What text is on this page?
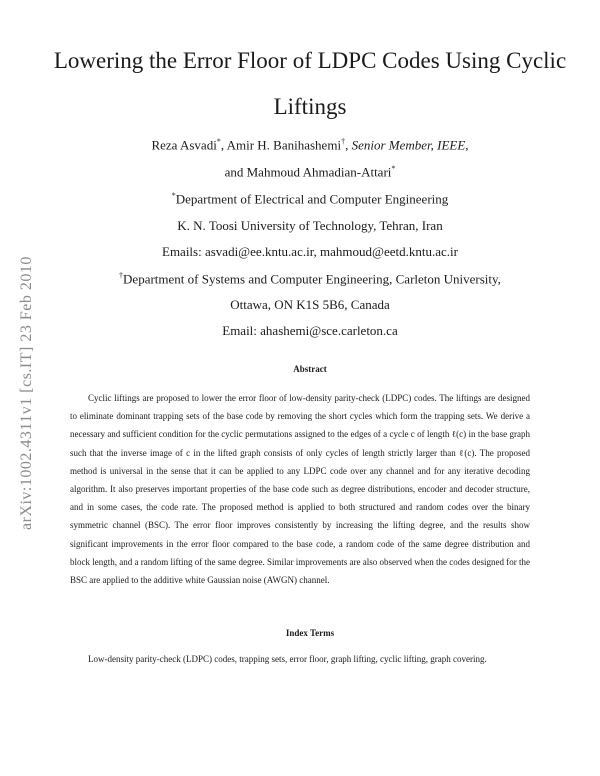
arXiv:1002.4311v1 [cs.IT] 23 Feb 2010
Lowering the Error Floor of LDPC Codes Using Cyclic Liftings
Reza Asvadi*, Amir H. Banihashemi†, Senior Member, IEEE,
and Mahmoud Ahmadian-Attari*
*Department of Electrical and Computer Engineering
K. N. Toosi University of Technology, Tehran, Iran
Emails: asvadi@ee.kntu.ac.ir, mahmoud@eetd.kntu.ac.ir
†Department of Systems and Computer Engineering, Carleton University,
Ottawa, ON K1S 5B6, Canada
Email: ahashemi@sce.carleton.ca
Abstract
Cyclic liftings are proposed to lower the error floor of low-density parity-check (LDPC) codes. The liftings are designed to eliminate dominant trapping sets of the base code by removing the short cycles which form the trapping sets. We derive a necessary and sufficient condition for the cyclic permutations assigned to the edges of a cycle c of length ℓ(c) in the base graph such that the inverse image of c in the lifted graph consists of only cycles of length strictly larger than ℓ(c). The proposed method is universal in the sense that it can be applied to any LDPC code over any channel and for any iterative decoding algorithm. It also preserves important properties of the base code such as degree distributions, encoder and decoder structure, and in some cases, the code rate. The proposed method is applied to both structured and random codes over the binary symmetric channel (BSC). The error floor improves consistently by increasing the lifting degree, and the results show significant improvements in the error floor compared to the base code, a random code of the same degree distribution and block length, and a random lifting of the same degree. Similar improvements are also observed when the codes designed for the BSC are applied to the additive white Gaussian noise (AWGN) channel.
Index Terms
Low-density parity-check (LDPC) codes, trapping sets, error floor, graph lifting, cyclic lifting, graph covering.
